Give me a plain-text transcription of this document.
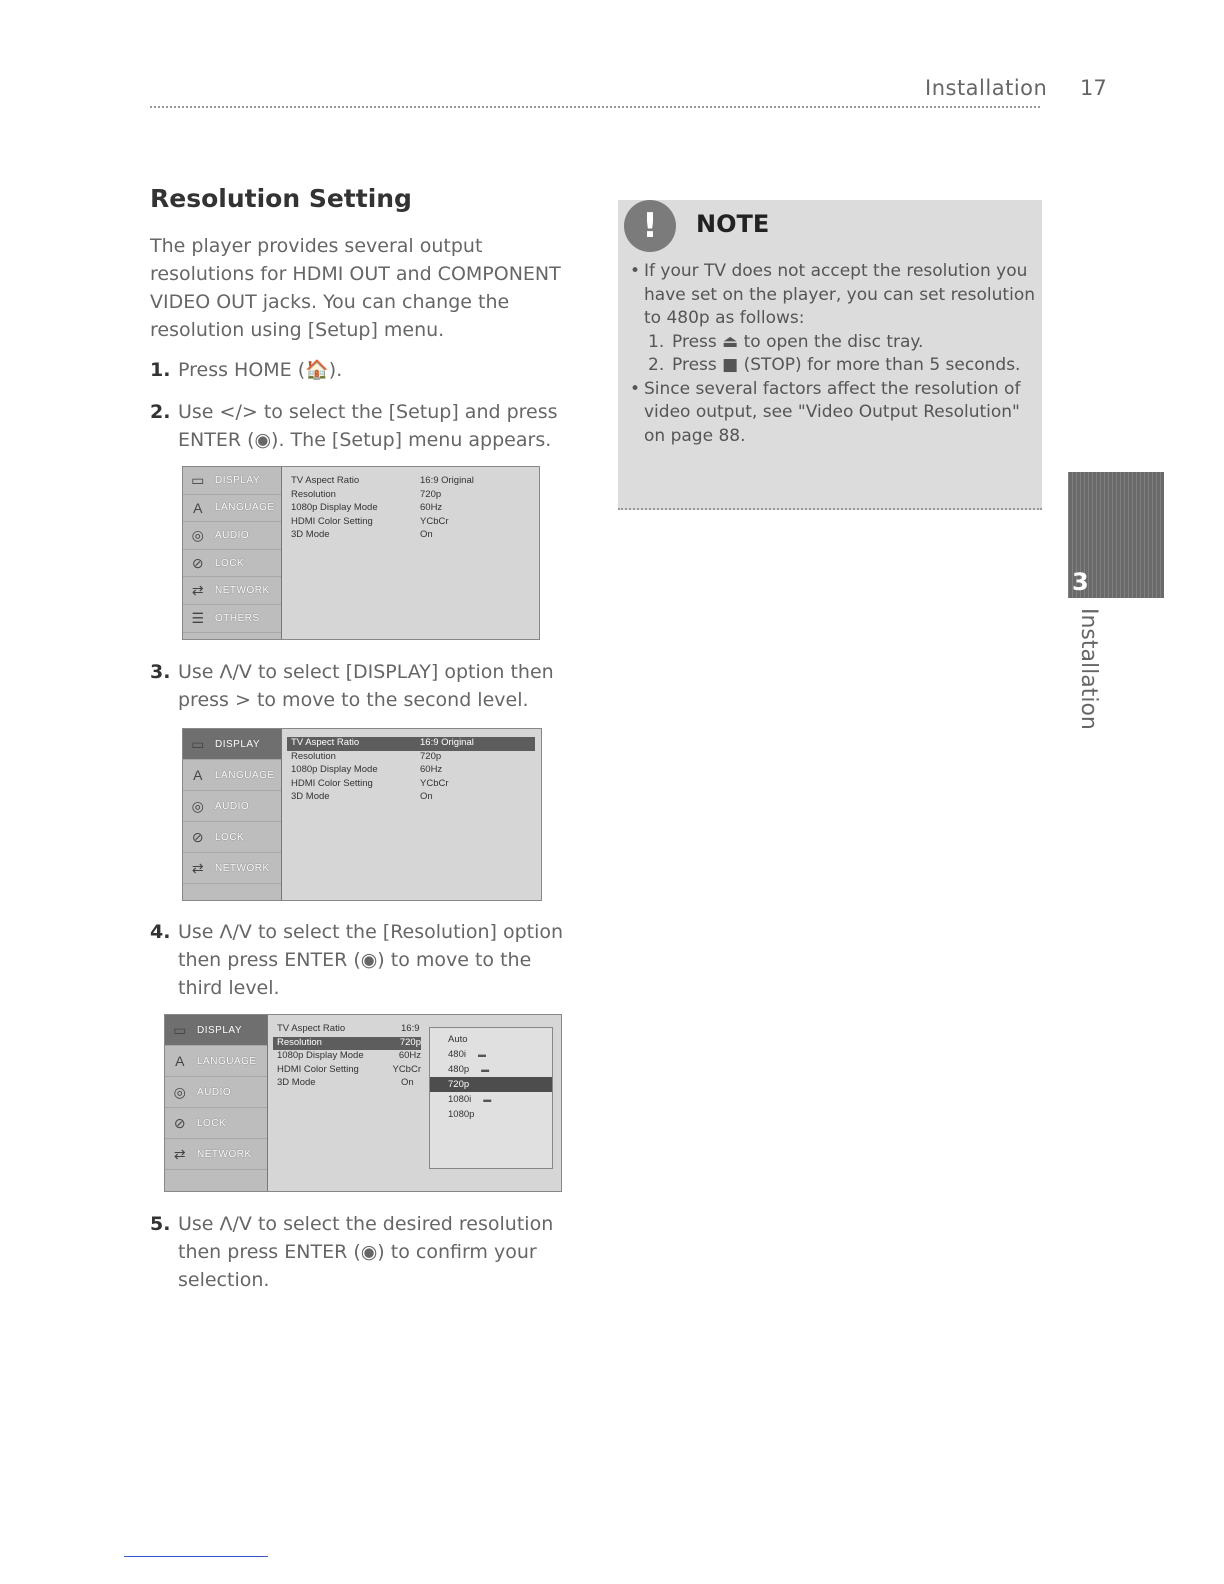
Installation 17
Resolution Setting

The player provides several output resolutions for HDMI OUT and COMPONENT VIDEO OUT jacks. You can change the resolution using [Setup] menu.

1. Press HOME (🏠).
2. Use </> to select the [Setup] and press ENTER (◉). The [Setup] menu appears.
▭	DISPLAY
A	LANGUAGE
◎	AUDIO
⊘	LOCK
⇄	NETWORK
☰	OTHERS
TV Aspect Ratio	16:9 Original
Resolution	720p
1080p Display Mode	60Hz
HDMI Color Setting	YCbCr
3D Mode	On
3. Use Λ/V to select [DISPLAY] option then press > to move to the second level.
▭	DISPLAY
A	LANGUAGE
◎	AUDIO
⊘	LOCK
⇄	NETWORK
TV Aspect Ratio	16:9 Original
Resolution	720p
1080p Display Mode	60Hz
HDMI Color Setting	YCbCr
3D Mode	On
4. Use Λ/V to select the [Resolution] option then press ENTER (◉) to move to the third level.
▭	DISPLAY
A	LANGUAGE
◎	AUDIO
⊘	LOCK
⇄	NETWORK
TV Aspect Ratio	16:9
Resolution	720p
1080p Display Mode	60Hz
HDMI Color Setting	YCbCr
3D Mode	On
Auto
480i ▬
480p ▬
720p
1080i ▬
1080p
5. Use Λ/V to select the desired resolution then press ENTER (◉) to confirm your selection.
!	NOTE
• If your TV does not accept the resolution you have set on the player, you can set resolution to 480p as follows:
1. Press ⏏ to open the disc tray.
2. Press ■ (STOP) for more than 5 seconds.
• Since several factors affect the resolution of video output, see "Video Output Resolution" on page 88.
3
Installation
